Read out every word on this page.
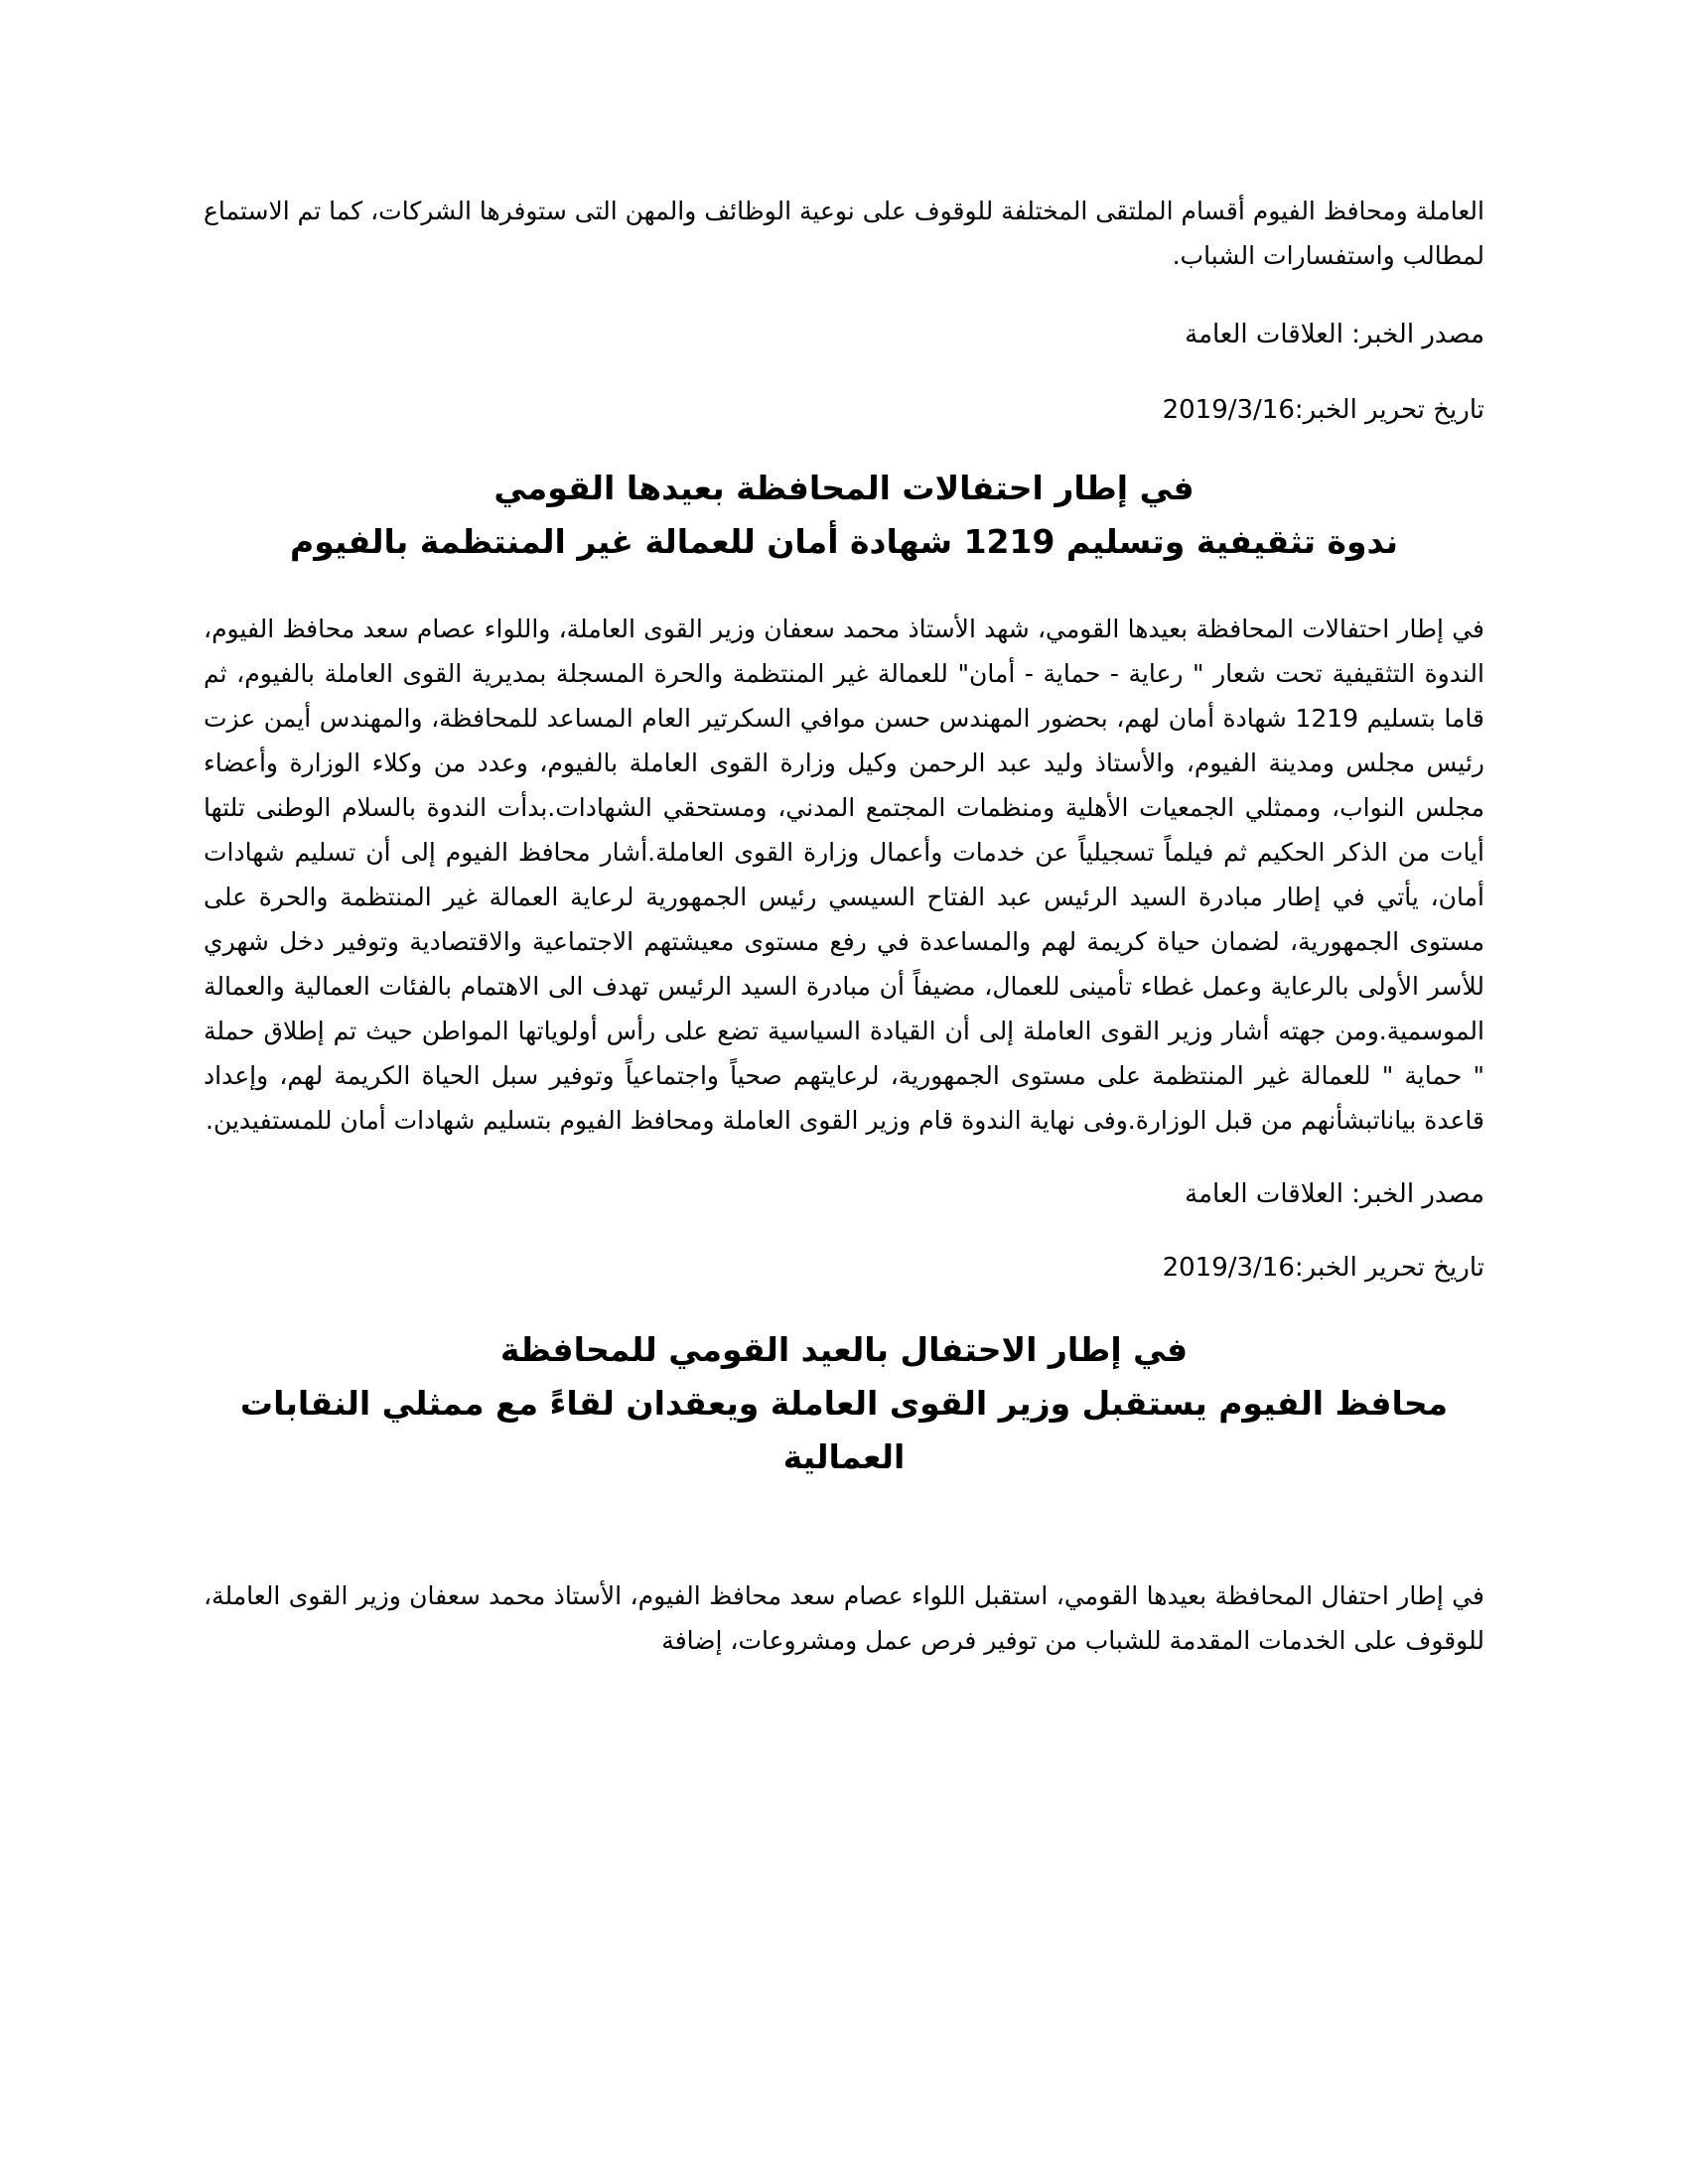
العاملة ومحافظ الفيوم أقسام الملتقى المختلفة للوقوف على نوعية الوظائف والمهن التى ستوفرها الشركات، كما تم الاستماع لمطالب واستفسارات الشباب.

مصدر الخبر: العلاقات العامة

تاريخ تحرير الخبر:2019/3/16

في إطار احتفالات المحافظة بعيدها القومي
ندوة تثقيفية وتسليم 1219 شهادة أمان للعمالة غير المنتظمة بالفيوم

في إطار احتفالات المحافظة بعيدها القومي، شهد الأستاذ محمد سعفان وزير القوى العاملة، واللواء عصام سعد محافظ الفيوم، الندوة التثقيفية تحت شعار " رعاية - حماية - أمان" للعمالة غير المنتظمة والحرة المسجلة بمديرية القوى العاملة بالفيوم، ثم قاما بتسليم 1219 شهادة أمان لهم، بحضور المهندس حسن موافي السكرتير العام المساعد للمحافظة، والمهندس أيمن عزت رئيس مجلس ومدينة الفيوم، والأستاذ وليد عبد الرحمن وكيل وزارة القوى العاملة بالفيوم، وعدد من وكلاء الوزارة وأعضاء مجلس النواب، وممثلي الجمعيات الأهلية ومنظمات المجتمع المدني، ومستحقي الشهادات.بدأت الندوة بالسلام الوطنى تلتها أيات من الذكر الحكيم ثم فيلماً تسجيلياً عن خدمات وأعمال وزارة القوى العاملة.أشار محافظ الفيوم إلى أن تسليم شهادات أمان، يأتي في إطار مبادرة السيد الرئيس عبد الفتاح السيسي رئيس الجمهورية لرعاية العمالة غير المنتظمة والحرة على مستوى الجمهورية، لضمان حياة كريمة لهم والمساعدة في رفع مستوى معيشتهم الاجتماعية والاقتصادية وتوفير دخل شهري للأسر الأولى بالرعاية وعمل غطاء تأمينى للعمال، مضيفاً أن مبادرة السيد الرئيس تهدف الى الاهتمام بالفئات العمالية والعمالة الموسمية.ومن جهته أشار وزير القوى العاملة إلى أن القيادة السياسية تضع على رأس أولوياتها المواطن حيث تم إطلاق حملة " حماية " للعمالة غير المنتظمة على مستوى الجمهورية، لرعايتهم صحياً واجتماعياً وتوفير سبل الحياة الكريمة لهم، وإعداد قاعدة بياناتبشأنهم من قبل الوزارة.وفى نهاية الندوة قام وزير القوى العاملة ومحافظ الفيوم بتسليم شهادات أمان للمستفيدين.

مصدر الخبر: العلاقات العامة

تاريخ تحرير الخبر:2019/3/16

في إطار الاحتفال بالعيد القومي للمحافظة
محافظ الفيوم يستقبل وزير القوى العاملة ويعقدان لقاءً مع ممثلي النقابات العمالية

في إطار احتفال المحافظة بعيدها القومي، استقبل اللواء عصام سعد محافظ الفيوم، الأستاذ محمد سعفان وزير القوى العاملة، للوقوف على الخدمات المقدمة للشباب من توفير فرص عمل ومشروعات، إضافة
